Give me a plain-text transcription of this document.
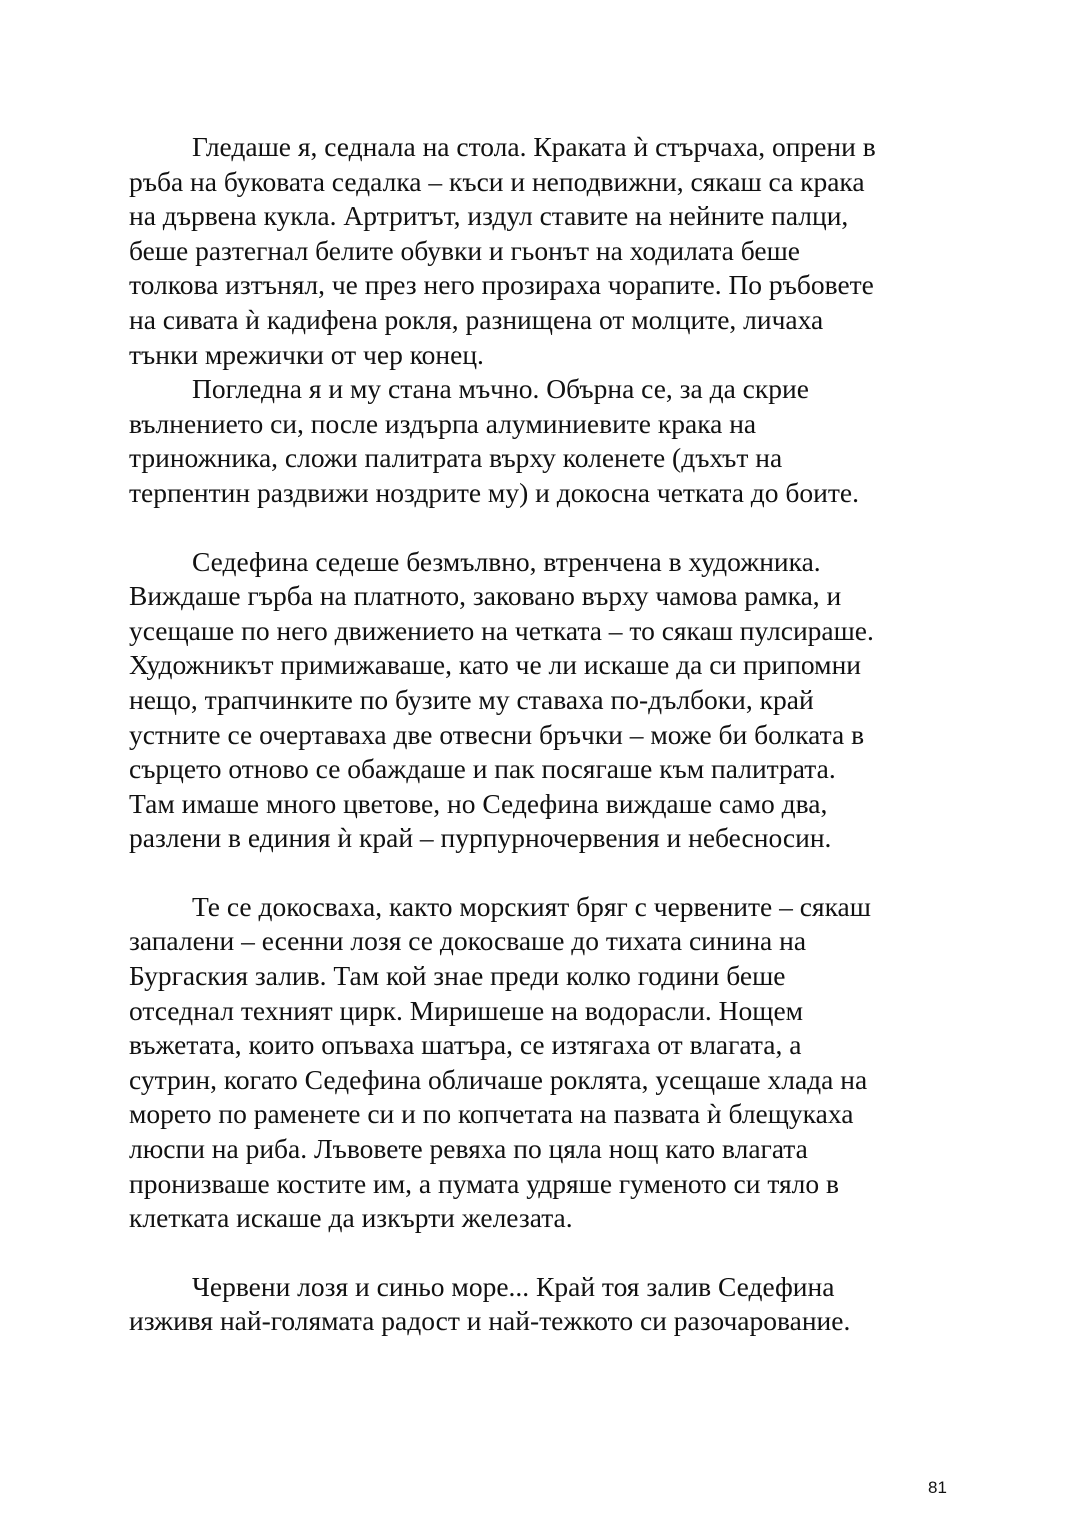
Гледаше я, седнала на стола. Краката ѝ стърчаха, опрени в
ръба на буковата седалка – къси и неподвижни, сякаш са крака
на дървена кукла. Артритът, издул ставите на нейните палци,
беше разтегнал белите обувки и гьонът на ходилата беше
толкова изтънял, че през него прозираха чорапите. По ръбовете
на сивата ѝ кадифена рокля, разнищена от молците, личаха
тънки мрежички от чер конец.

Погледна я и му стана мъчно. Обърна се, за да скрие
вълнението си, после издърпа алуминиевите крака на
триножника, сложи палитрата върху коленете (дъхът на
терпентин раздвижи ноздрите му) и докосна четката до боите.

Седефина седеше безмълвно, втренчена в художника.
Виждаше гърба на платното, заковано върху чамова рамка, и
усещаше по него движението на четката – то сякаш пулсираше.
Художникът примижаваше, като че ли искаше да си припомни
нещо, трапчинките по бузите му ставаха по-дълбоки, край
устните се очертаваха две отвесни бръчки – може би болката в
сърцето отново се обаждаше и пак посягаше към палитрата.
Там имаше много цветове, но Седефина виждаше само два,
разлени в единия ѝ край – пурпурночервения и небесносин.

Те се докосваха, както морският бряг с червените – сякаш
запалени – есенни лозя се докосваше до тихата синина на
Бургаския залив. Там кой знае преди колко години беше
отседнал техният цирк. Миришеше на водорасли. Нощем
въжетата, които опъваха шатъра, се изтягаха от влагата, а
сутрин, когато Седефина обличаше роклята, усещаше хлада на
морето по раменете си и по копчетата на пазвата ѝ блещукаха
люспи на риба. Лъвовете ревяха по цяла нощ като влагата
пронизваше костите им, а пумата удряше гуменото си тяло в
клетката искаше да изкърти железата.

Червени лозя и синьо море... Край тоя залив Седефина
изживя най-голямата радост и най-тежкото си разочарование.

81
